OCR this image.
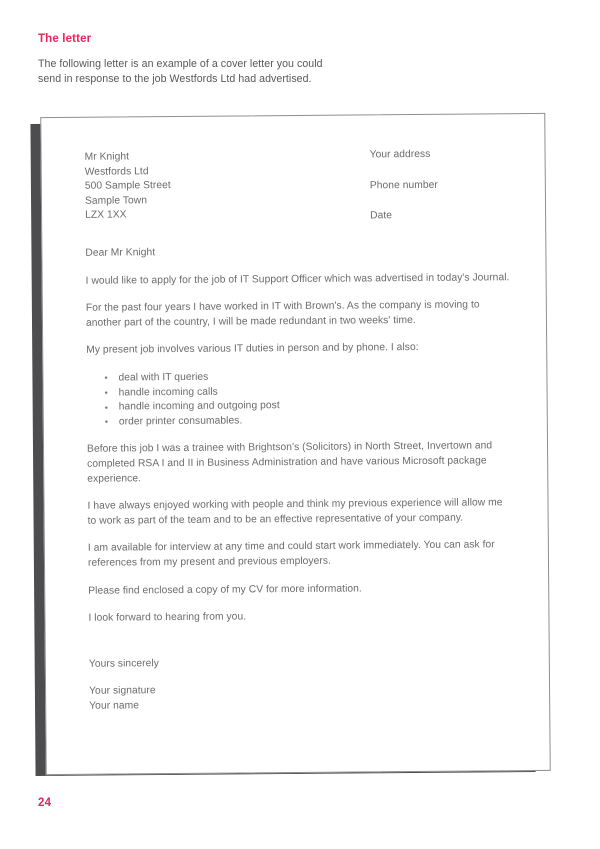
The letter

The following letter is an example of a cover letter you could send in response to the job Westfords Ltd had advertised.

Mr Knight
Westfords Ltd
500 Sample Street
Sample Town
LZX 1XX
Your address
Phone number
Date

Dear Mr Knight

I would like to apply for the job of IT Support Officer which was advertised in today's Journal.

For the past four years I have worked in IT with Brown's. As the company is moving to another part of the country, I will be made redundant in two weeks' time.

My present job involves various IT duties in person and by phone. I also:

• deal with IT queries
• handle incoming calls
• handle incoming and outgoing post
• order printer consumables.

Before this job I was a trainee with Brightson's (Solicitors) in North Street, Invertown and completed RSA I and II in Business Administration and have various Microsoft package experience.

I have always enjoyed working with people and think my previous experience will allow me to work as part of the team and to be an effective representative of your company.

I am available for interview at any time and could start work immediately. You can ask for references from my present and previous employers.

Please find enclosed a copy of my CV for more information.

I look forward to hearing from you.

Yours sincerely

Your signature
Your name

24
